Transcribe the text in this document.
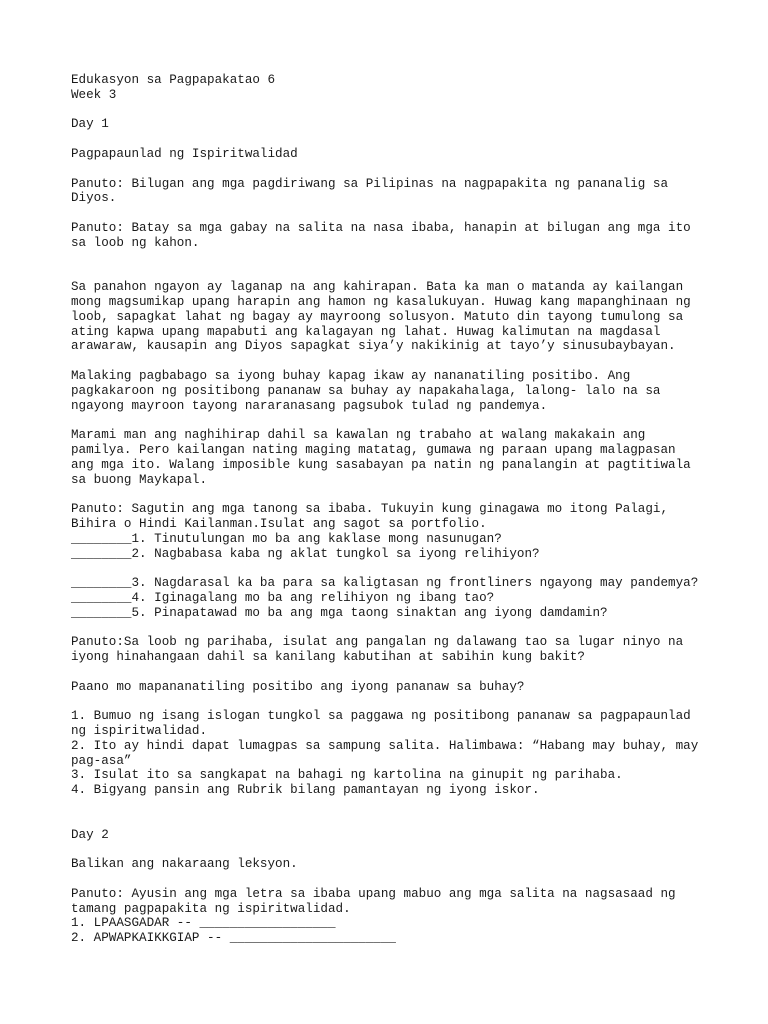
Edukasyon sa Pagpapakatao 6
Week 3
Day 1
Pagpapaunlad ng Ispiritwalidad
Panuto: Bilugan ang mga pagdiriwang sa Pilipinas na nagpapakita ng pananalig sa
Diyos.
Panuto: Batay sa mga gabay na salita na nasa ibaba, hanapin at bilugan ang mga ito
sa loob ng kahon.
Sa panahon ngayon ay laganap na ang kahirapan. Bata ka man o matanda ay kailangan
mong magsumikap upang harapin ang hamon ng kasalukuyan. Huwag kang mapanghinaan ng
loob, sapagkat lahat ng bagay ay mayroong solusyon. Matuto din tayong tumulong sa
ating kapwa upang mapabuti ang kalagayan ng lahat. Huwag kalimutan na magdasal
arawaraw, kausapin ang Diyos sapagkat siya’y nakikinig at tayo’y sinusubaybayan.
Malaking pagbabago sa iyong buhay kapag ikaw ay nananatiling positibo. Ang
pagkakaroon ng positibong pananaw sa buhay ay napakahalaga, lalong- lalo na sa
ngayong mayroon tayong nararanasang pagsubok tulad ng pandemya.
Marami man ang naghihirap dahil sa kawalan ng trabaho at walang makakain ang
pamilya. Pero kailangan nating maging matatag, gumawa ng paraan upang malagpasan
ang mga ito. Walang imposible kung sasabayan pa natin ng panalangin at pagtitiwala
sa buong Maykapal.
Panuto: Sagutin ang mga tanong sa ibaba. Tukuyin kung ginagawa mo itong Palagi,
Bihira o Hindi Kailanman.Isulat ang sagot sa portfolio.
________1. Tinutulungan mo ba ang kaklase mong nasunugan?
________2. Nagbabasa kaba ng aklat tungkol sa iyong relihiyon?
________3. Nagdarasal ka ba para sa kaligtasan ng frontliners ngayong may pandemya?
________4. Iginagalang mo ba ang relihiyon ng ibang tao?
________5. Pinapatawad mo ba ang mga taong sinaktan ang iyong damdamin?
Panuto:Sa loob ng parihaba, isulat ang pangalan ng dalawang tao sa lugar ninyo na
iyong hinahangaan dahil sa kanilang kabutihan at sabihin kung bakit?
Paano mo mapananatiling positibo ang iyong pananaw sa buhay?
1. Bumuo ng isang islogan tungkol sa paggawa ng positibong pananaw sa pagpapaunlad
ng ispiritwalidad.
2. Ito ay hindi dapat lumagpas sa sampung salita. Halimbawa: “Habang may buhay, may
pag-asa”
3. Isulat ito sa sangkapat na bahagi ng kartolina na ginupit ng parihaba.
4. Bigyang pansin ang Rubrik bilang pamantayan ng iyong iskor.
Day 2
Balikan ang nakaraang leksyon.
Panuto: Ayusin ang mga letra sa ibaba upang mabuo ang mga salita na nagsasaad ng
tamang pagpapakita ng ispiritwalidad.
1. LPAASGADAR -- __________________
2. APWAPKAIKKGIAP -- ______________________
